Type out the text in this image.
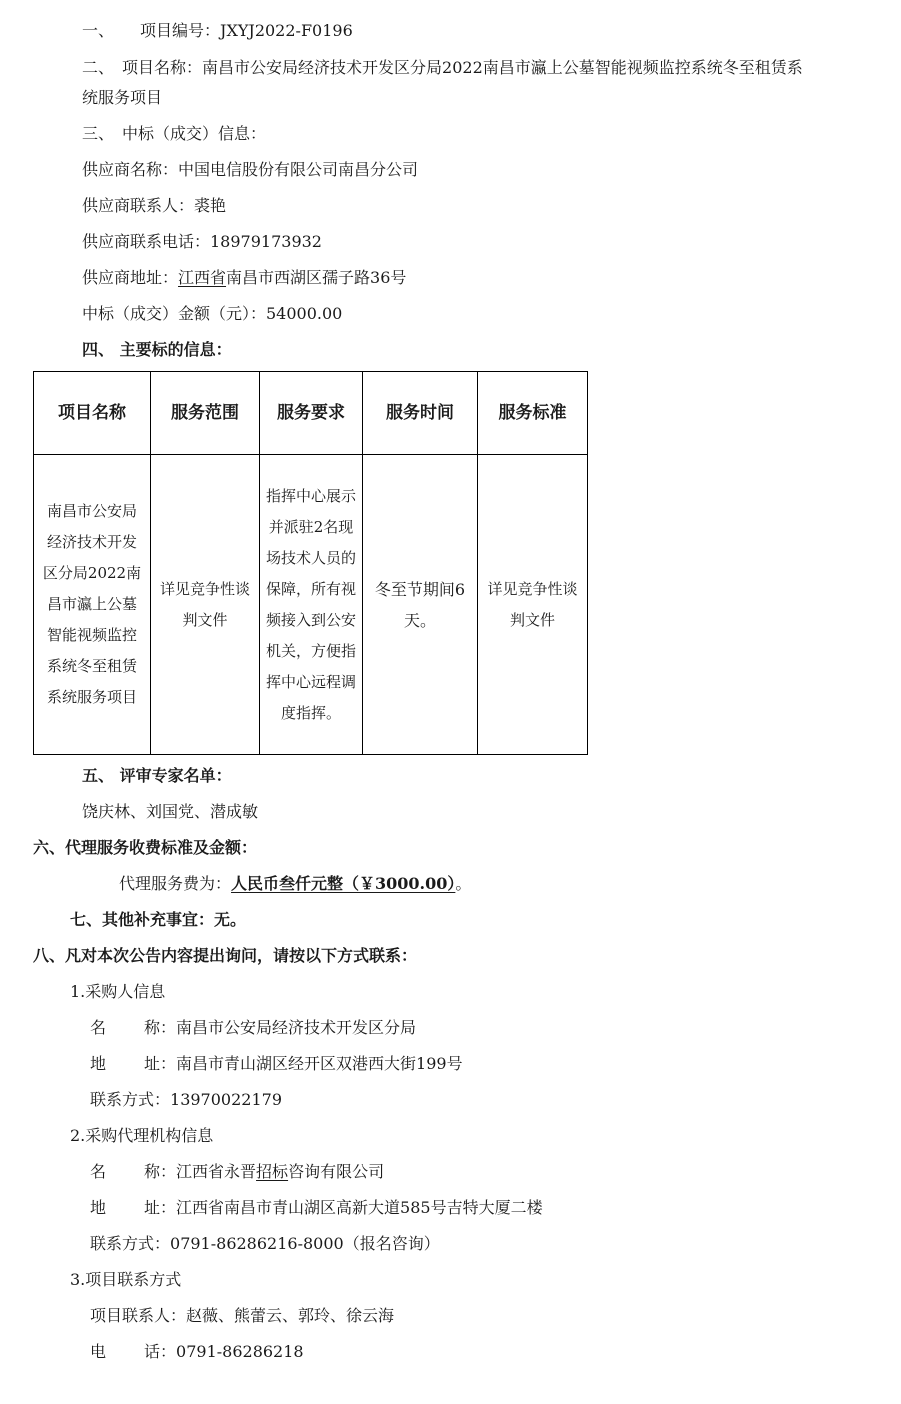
一、 项目编号：JXYJ2022-F0196
二、 项目名称：南昌市公安局经济技术开发区分局2022南昌市瀛上公墓智能视频监控系统冬至租赁系
统服务项目
三、 中标（成交）信息：
供应商名称：中国电信股份有限公司南昌分公司
供应商联系人：裘艳
供应商联系电话：18979173932
供应商地址：江西省南昌市西湖区孺子路36号
中标（成交）金额（元）：54000.00
四、 主要标的信息：
项目名称	服务范围	服务要求	服务时间	服务标准
南昌市公安局经济技术开发区分局2022南昌市瀛上公墓智能视频监控系统冬至租赁系统服务项目	详见竞争性谈判文件	指挥中心展示并派驻2名现场技术人员的保障，所有视频接入到公安机关，方便指挥中心远程调度指挥。	冬至节期间6天。	详见竞争性谈判文件
五、 评审专家名单：
饶庆林、刘国党、潜成敏
六、代理服务收费标准及金额：
代理服务费为：人民币叁仟元整（￥3000.00）。
七、其他补充事宜：无。
八、凡对本次公告内容提出询问，请按以下方式联系：
1.采购人信息
名 称：南昌市公安局经济技术开发区分局
地 址：南昌市青山湖区经开区双港西大街199号
联系方式：13970022179
2.采购代理机构信息
名 称：江西省永晋招标咨询有限公司
地 址：江西省南昌市青山湖区高新大道585号吉特大厦二楼
联系方式：0791-86286216-8000（报名咨询）
3.项目联系方式
项目联系人：赵薇、熊蕾云、郭玲、徐云海
电 话：0791-86286218
